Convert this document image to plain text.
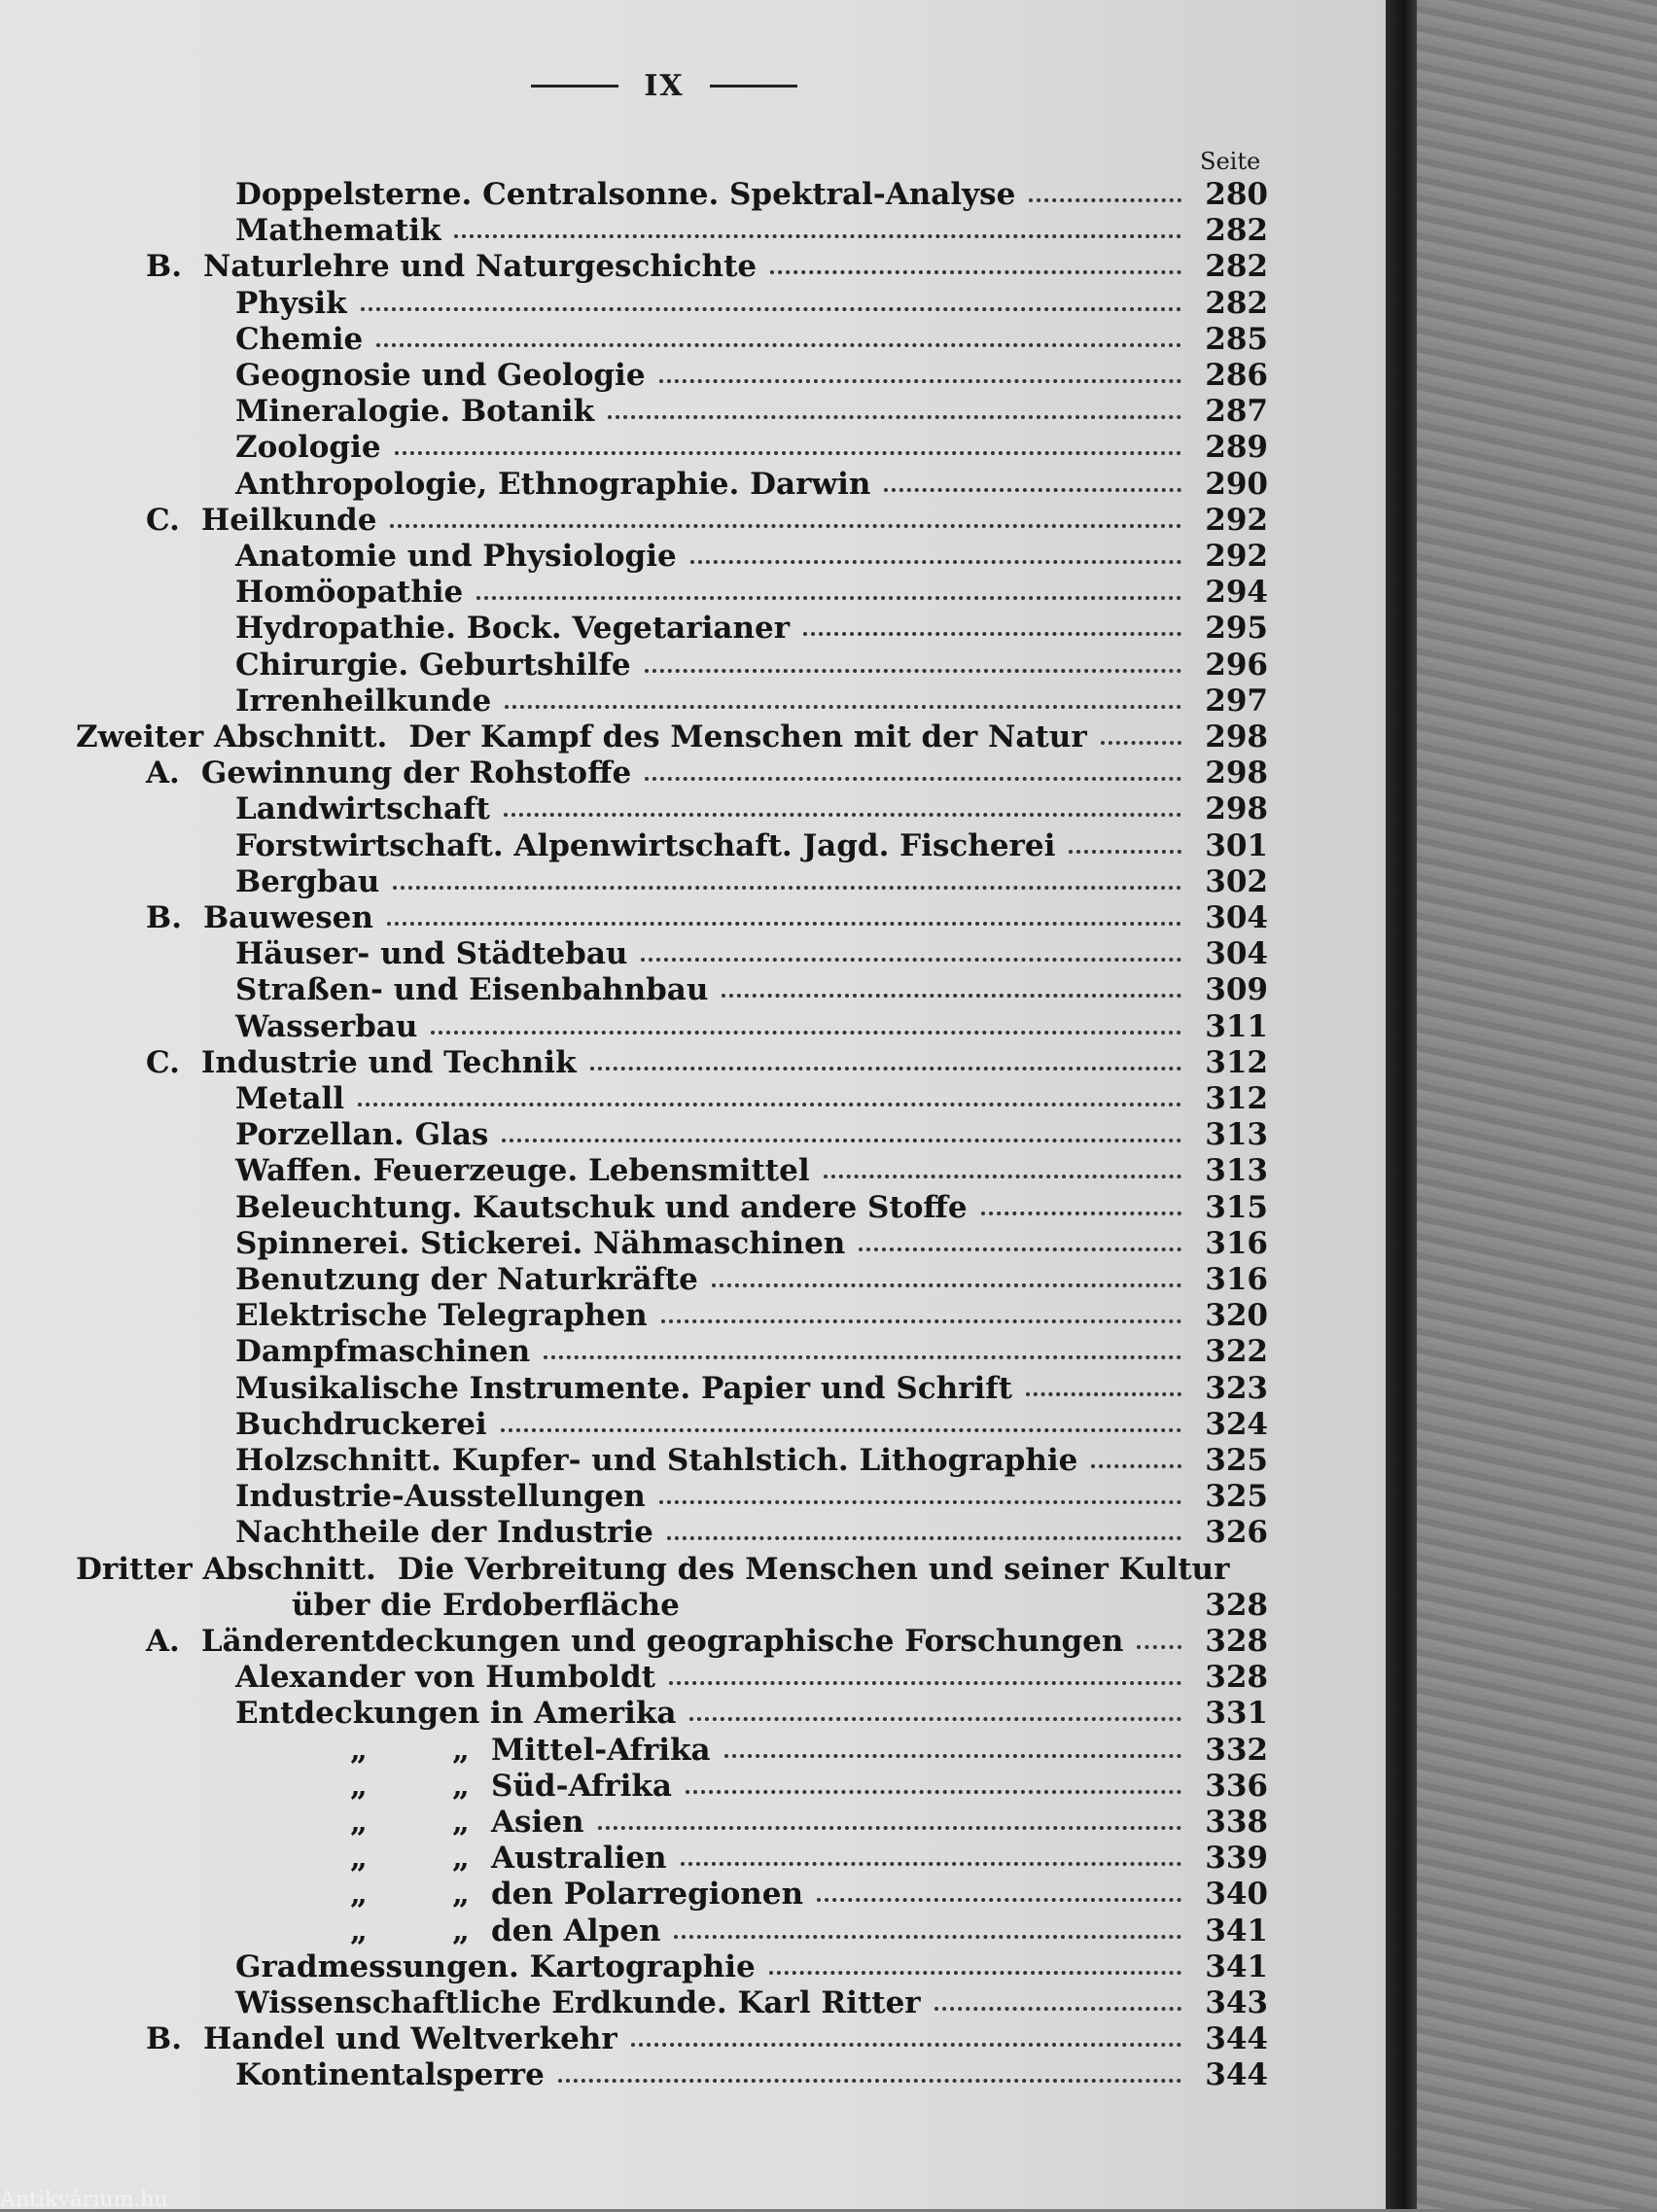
IX
Seite
Doppelsterne. Centralsonne. Spektral-Analyse	280
Mathematik	282
B. Naturlehre und Naturgeschichte	282
Physik	282
Chemie	285
Geognosie und Geologie	286
Mineralogie. Botanik	287
Zoologie	289
Anthropologie, Ethnographie. Darwin	290
C. Heilkunde	292
Anatomie und Physiologie	292
Homöopathie	294
Hydropathie. Bock. Vegetarianer	295
Chirurgie. Geburtshilfe	296
Irrenheilkunde	297
Zweiter Abschnitt. Der Kampf des Menschen mit der Natur	298
A. Gewinnung der Rohstoffe	298
Landwirtschaft	298
Forstwirtschaft. Alpenwirtschaft. Jagd. Fischerei	301
Bergbau	302
B. Bauwesen	304
Häuser- und Städtebau	304
Straßen- und Eisenbahnbau	309
Wasserbau	311
C. Industrie und Technik	312
Metall	312
Porzellan. Glas	313
Waffen. Feuerzeuge. Lebensmittel	313
Beleuchtung. Kautschuk und andere Stoffe	315
Spinnerei. Stickerei. Nähmaschinen	316
Benutzung der Naturkräfte	316
Elektrische Telegraphen	320
Dampfmaschinen	322
Musikalische Instrumente. Papier und Schrift	323
Buchdruckerei	324
Holzschnitt. Kupfer- und Stahlstich. Lithographie	325
Industrie-Ausstellungen	325
Nachtheile der Industrie	326
Dritter Abschnitt. Die Verbreitung des Menschen und seiner Kultur
über die Erdoberfläche	328
A. Länderentdeckungen und geographische Forschungen	328
Alexander von Humboldt	328
Entdeckungen in Amerika	331
„	„ Mittel-Afrika	332
„	„ Süd-Afrika	336
„	„ Asien	338
„	„ Australien	339
„	„ den Polarregionen	340
„	„ den Alpen	341
Gradmessungen. Kartographie	341
Wissenschaftliche Erdkunde. Karl Ritter	343
B. Handel und Weltverkehr	344
Kontinentalsperre	344
Antikvárium.hu
